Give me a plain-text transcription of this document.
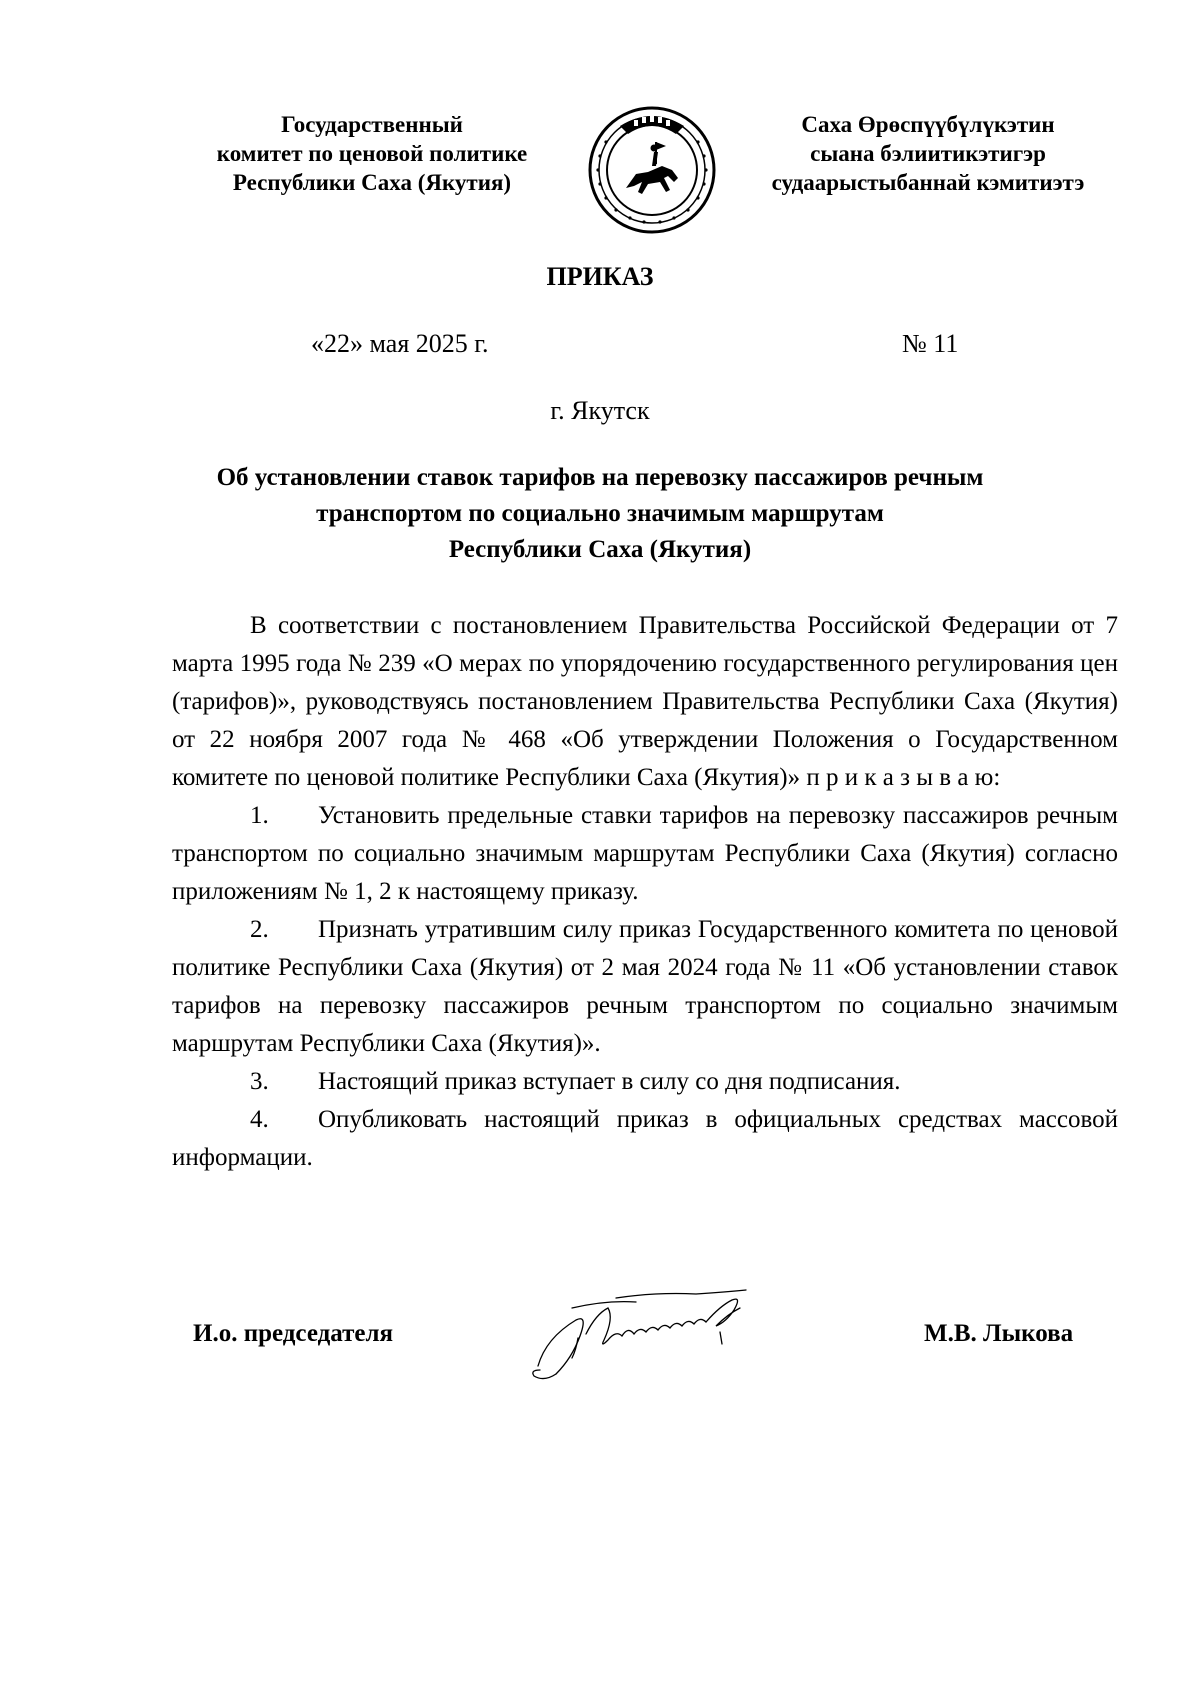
Государственный
комитет по ценовой политике
Республики Саха (Якутия)
Саха Өрөспүүбүлүкэтин
сыана бэлиитикэтигэр
судаарыстыбаннай кэмитиэтэ
ПРИКАЗ
«22» мая 2025 г.	№ 11
г. Якутск
Об установлении ставок тарифов на перевозку пассажиров речным
транспортом по социально значимым маршрутам
Республики Саха (Якутия)

В соответствии с постановлением Правительства Российской Федерации от 7 марта 1995 года № 239 «О мерах по упорядочению государственного регулирования цен (тарифов)», руководствуясь постановлением Правительства Республики Саха (Якутия) от 22 ноября 2007 года № 468 «Об утверждении Положения о Государственном комитете по ценовой политике Республики Саха (Якутия)» п р и к а з ы в а ю:

1. Установить предельные ставки тарифов на перевозку пассажиров речным транспортом по социально значимым маршрутам Республики Саха (Якутия) согласно приложениям № 1, 2 к настоящему приказу.

2. Признать утратившим силу приказ Государственного комитета по ценовой политике Республики Саха (Якутия) от 2 мая 2024 года № 11 «Об установлении ставок тарифов на перевозку пассажиров речным транспортом по социально значимым маршрутам Республики Саха (Якутия)».

3. Настоящий приказ вступает в силу со дня подписания.

4. Опубликовать настоящий приказ в официальных средствах массовой информации.

И.о. председателя	М.В. Лыкова
